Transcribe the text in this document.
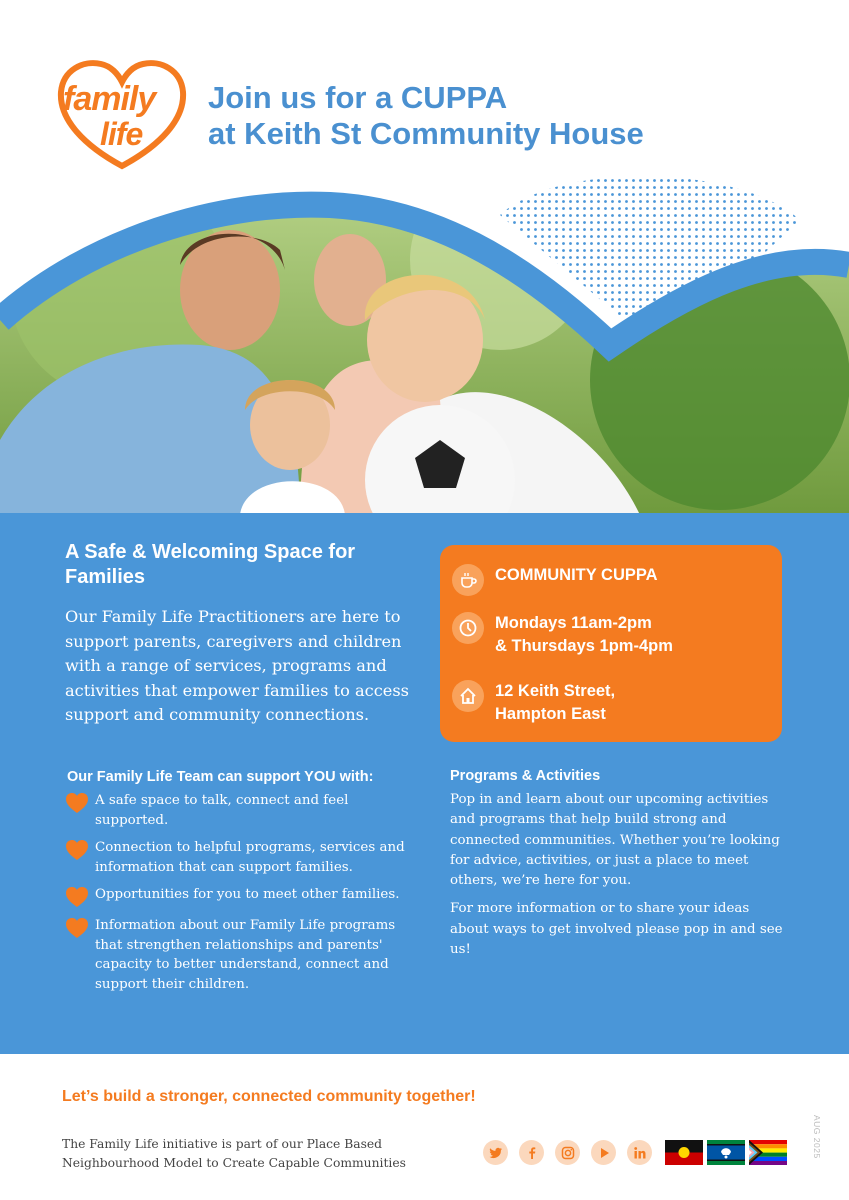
family
life
Join us for a CUPPA
at Keith St Community House
A Safe & Welcoming Space for Families
Our Family Life Practitioners are here to support parents, caregivers and children with a range of services, programs and activities that empower families to access support and community connections.
COMMUNITY CUPPA
Mondays 11am-2pm
& Thursdays 1pm-4pm
12 Keith Street,
Hampton East
Our Family Life Team can support YOU with:
A safe space to talk, connect and feel supported.
Connection to helpful programs, services and information that can support families.
Opportunities for you to meet other families.
Information about our Family Life programs that strengthen relationships and parents' capacity to better understand, connect and support their children.
Programs & Activities

Pop in and learn about our upcoming activities and programs that help build strong and connected communities. Whether you’re looking for advice, activities, or just a place to meet others, we’re here for you.

For more information or to share your ideas about ways to get involved please pop in and see us!

Let’s build a stronger, connected community together!
The Family Life initiative is part of our Place Based Neighbourhood Model to Create Capable Communities
AUG 2025
